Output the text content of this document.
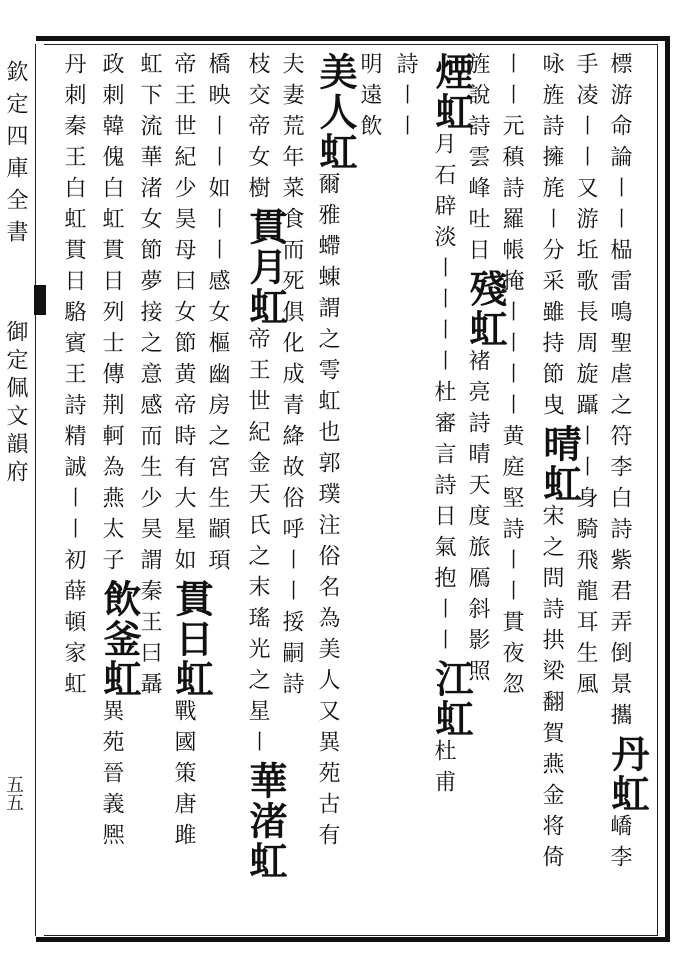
欽定四庫全書
御定佩文韻府
五五
標游命論〡〡榀雷鳴聖虐之符李白詩紫君弄倒景攜
丹虹
嶠李
手凌〡〡又游坵歌長周旋躡〡〡身騎飛龍耳生風
咏旌詩擁旄〡分采雖持節曳
晴虹
宋之問詩拱梁翻賀燕金将倚
〡〡元稹詩羅帳掩〡〡
〡〡黄庭堅詩〡〡貫夜忽
旌說詩雲峰吐日
殘虹
褚亮詩晴天度旅鴈斜影照
煙虹
月石辟淡〡〡
〡〡杜審言詩日氣抱〡〡
江虹
杜甫
詩〡〡
明遠飲
美人虹
爾雅螮蝀謂之雩虹也郭璞注俗名為美人又異苑古有
夫妻荒年菜食而死俱化成青絳故俗呼〡〡挼嗣詩
枝交帝女樹
貫月虹
帝王世紀金天氏之末瑤光之星〡
華渚虹
橋映〡〡
如〡〡感女樞幽房之宮生顓頊
帝王世紀少昊母曰女節黄帝時有大星如
貫日虹
戰國策唐雎
虹下流華渚女節夢接之意感而生少昊
謂秦王曰聶
政刺韓傀白虹貫日列士傳荆軻為燕太子
飲釜虹
異苑晉義熈
丹刺秦王白虹貫日駱賓王詩精誠〡〡
初薛頓家虹
